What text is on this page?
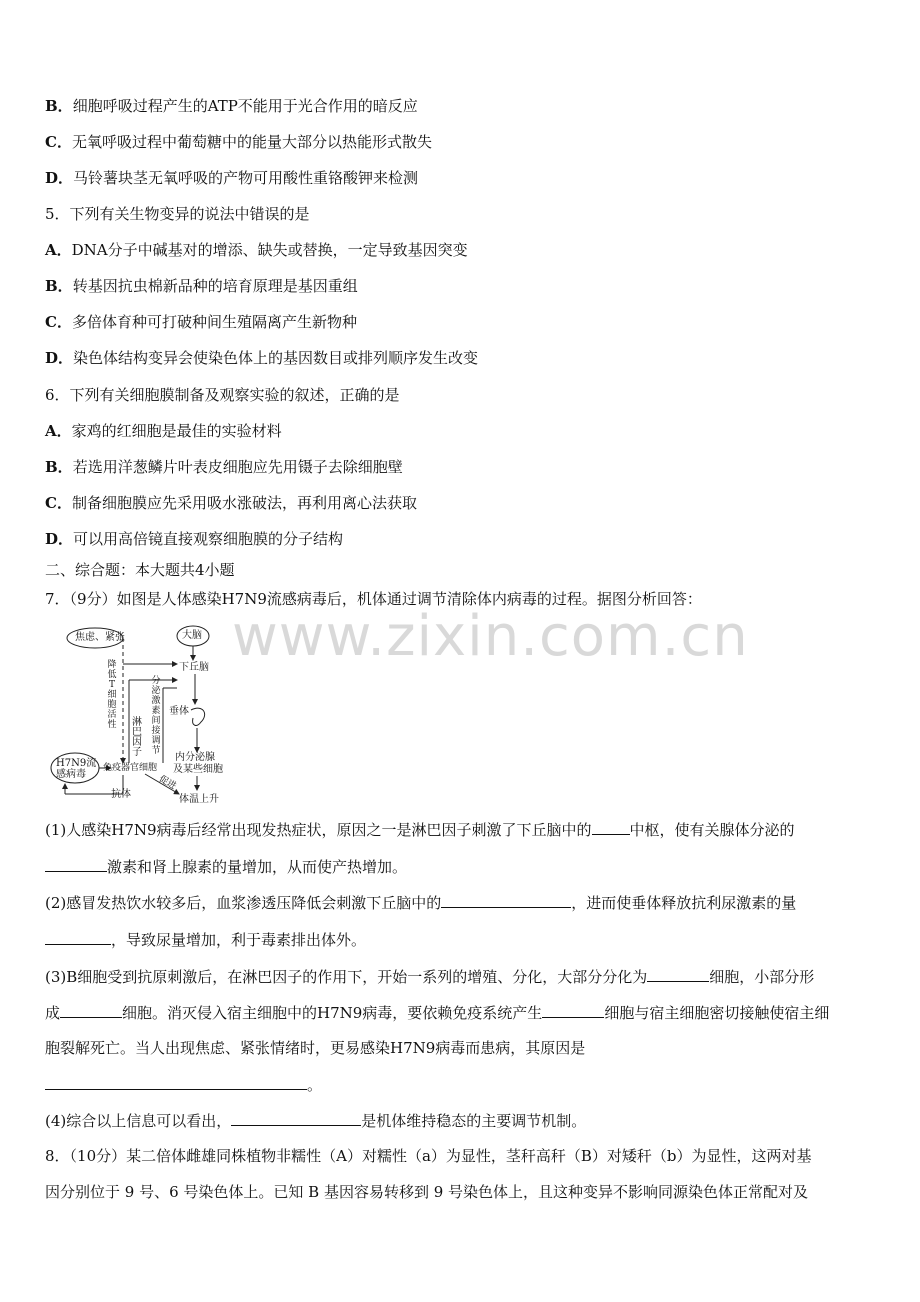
www.zixin.com.cn
B．细胞呼吸过程产生的ATP不能用于光合作用的暗反应
C．无氧呼吸过程中葡萄糖中的能量大部分以热能形式散失
D．马铃薯块茎无氧呼吸的产物可用酸性重铬酸钾来检测
5．下列有关生物变异的说法中错误的是
A．DNA分子中碱基对的增添、缺失或替换，一定导致基因突变
B．转基因抗虫棉新品种的培育原理是基因重组
C．多倍体育种可打破种间生殖隔离产生新物种
D．染色体结构变异会使染色体上的基因数目或排列顺序发生改变
6．下列有关细胞膜制备及观察实验的叙述，正确的是
A．家鸡的红细胞是最佳的实验材料
B．若选用洋葱鳞片叶表皮细胞应先用镊子去除细胞壁
C．制备细胞膜应先采用吸水涨破法，再利用离心法获取
D．可以用高倍镜直接观察细胞膜的分子结构
二、综合题：本大题共4小题
7．（9分）如图是人体感染H7N9流感病毒后，机体通过调节清除体内病毒的过程。据图分析回答：
焦虑、紧张	大脑
下丘脑
垂体
内分泌腺
及某些细胞
H7N9流
感病毒
免疫器官细胞
抗体	体温上升
降低T细胞活性 淋巴因子
分泌激素间接调节
促进
(1)人感染H7N9病毒后经常出现发热症状，原因之一是淋巴因子刺激了下丘脑中的	中枢，使有关腺体分泌的
激素和肾上腺素的量增加，从而使产热增加。
(2)感冒发热饮水较多后，血浆渗透压降低会刺激下丘脑中的	，进而使垂体释放抗利尿激素的量
，导致尿量增加，利于毒素排出体外。
(3)B细胞受到抗原刺激后，在淋巴因子的作用下，开始一系列的增殖、分化，大部分分化为	细胞，小部分形
成	细胞。消灭侵入宿主细胞中的H7N9病毒，要依赖免疫系统产生	细胞与宿主细胞密切接触使宿主细
胞裂解死亡。当人出现焦虑、紧张情绪时，更易感染H7N9病毒而患病，其原因是
。
(4)综合以上信息可以看出，	是机体维持稳态的主要调节机制。
8．（10分）某二倍体雌雄同株植物非糯性（A）对糯性（a）为显性，茎秆高秆（B）对矮秆（b）为显性，这两对基
因分别位于 9 号、6 号染色体上。已知 B 基因容易转移到 9 号染色体上，且这种变异不影响同源染色体正常配对及
